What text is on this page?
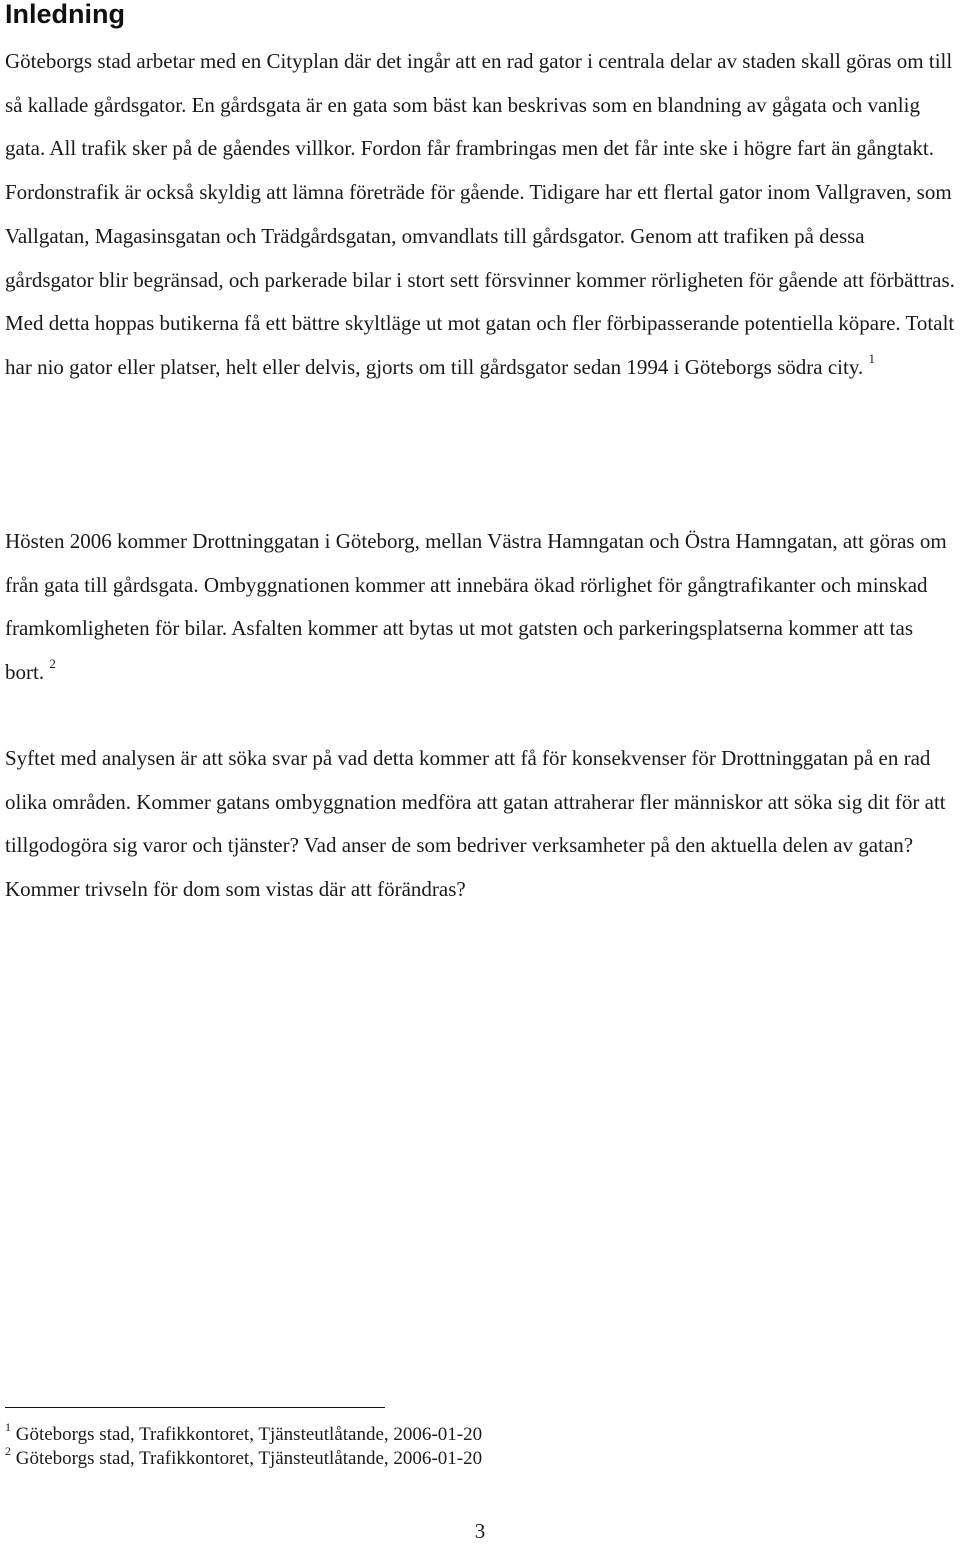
Inledning

Göteborgs stad arbetar med en Cityplan där det ingår att en rad gator i centrala delar av staden skall göras om till så kallade gårdsgator. En gårdsgata är en gata som bäst kan beskrivas som en blandning av gågata och vanlig gata. All trafik sker på de gåendes villkor. Fordon får frambringas men det får inte ske i högre fart än gångtakt. Fordonstrafik är också skyldig att lämna företräde för gående. Tidigare har ett flertal gator inom Vallgraven, som Vallgatan, Magasinsgatan och Trädgårdsgatan, omvandlats till gårdsgator. Genom att trafiken på dessa gårdsgator blir begränsad, och parkerade bilar i stort sett försvinner kommer rörligheten för gående att förbättras. Med detta hoppas butikerna få ett bättre skyltläge ut mot gatan och fler förbipasserande potentiella köpare. Totalt har nio gator eller platser, helt eller delvis, gjorts om till gårdsgator sedan 1994 i Göteborgs södra city. $^1$

Hösten 2006 kommer Drottninggatan i Göteborg, mellan Västra Hamngatan och Östra Hamngatan, att göras om från gata till gårdsgata. Ombyggnationen kommer att innebära ökad rörlighet för gångtrafikanter och minskad framkomligheten för bilar. Asfalten kommer att bytas ut mot gatsten och parkeringsplatserna kommer att tas bort. $^2$

Syftet med analysen är att söka svar på vad detta kommer att få för konsekvenser för Drottninggatan på en rad olika områden. Kommer gatans ombyggnation medföra att gatan attraherar fler människor att söka sig dit för att tillgodogöra sig varor och tjänster? Vad anser de som bedriver verksamheter på den aktuella delen av gatan? Kommer trivseln för dom som vistas där att förändras?

$^1$ Göteborgs stad, Trafikkontoret, Tjänsteutlåtande, 2006-01-20

$^2$ Göteborgs stad, Trafikkontoret, Tjänsteutlåtande, 2006-01-20

3
